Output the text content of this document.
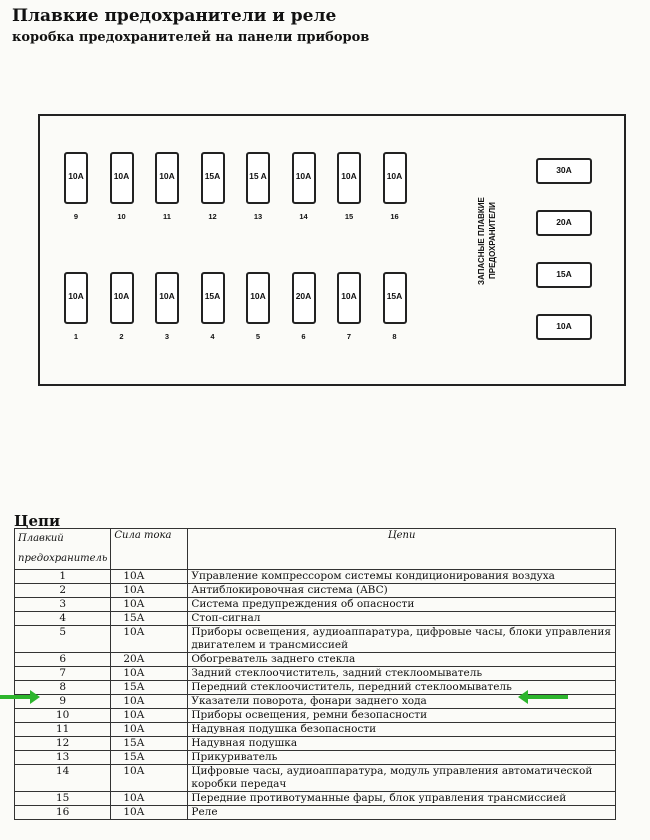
Плавкие предохранители и реле
коробка предохранителей на панели приборов
10A
9
10A
10
10A
11
15A
12
15 A
13
10A
14
10A
15
10A
16
10A
1
10A
2
10A
3
15A
4
10A
5
20A
6
10A
7
15A
8
ЗАПАСНЫЕ ПЛАВКИЕ ПРЕДОХРАНИТЕЛИ
30A
20A
15A
10A
Цепи
Плавкий
предохранитель	Сила тока	Цепи
1	10A	Управление компрессором системы кондиционирования воздуха
2	10A	Антиблокировочная система (ABC)
3	10A	Система предупреждения об опасности
4	15A	Стоп-сигнал
5	10A	Приборы освещения, аудиоаппаратура, цифровые часы, блоки управления двигателем и трансмиссией
6	20A	Обогреватель заднего стекла
7	10A	Задний стеклоочиститель, задний стеклоомыватель
8	15A	Передний стеклоочиститель, передний стеклоомыватель
9	10A	Указатели поворота, фонари заднего хода
10	10A	Приборы освещения, ремни безопасности
11	10A	Надувная подушка безопасности
12	15A	Надувная подушка
13	15A	Прикуриватель
14	10A	Цифровые часы, аудиоаппаратура, модуль управления автоматической коробки передач
15	10A	Передние противотуманные фары, блок управления трансмиссией
16	10A	Реле
